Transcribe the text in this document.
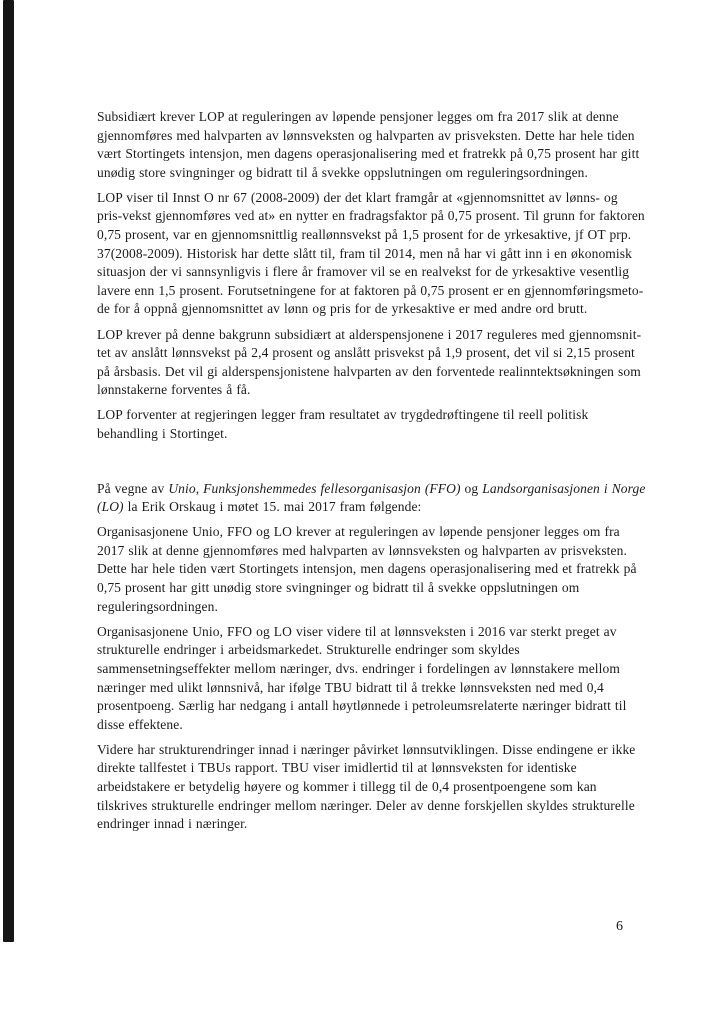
Subsidiært krever LOP at reguleringen av løpende pensjoner legges om fra 2017 slik at denne gjennomføres med halvparten av lønnsveksten og halvparten av prisveksten. Dette har hele tiden vært Stortingets intensjon, men dagens operasjonalisering med et fratrekk på 0,75 prosent har gitt unødig store svingninger og bidratt til å svekke oppslutningen om reguleringsordningen.

LOP viser til Innst O nr 67 (2008-2009) der det klart framgår at «gjennomsnittet av lønns- og pris-vekst gjennomføres ved at» en nytter en fradragsfaktor på 0,75 prosent. Til grunn for faktoren 0,75 prosent, var en gjennomsnittlig reallønnsvekst på 1,5 prosent for de yrkesaktive, jf OT prp. 37(2008-2009). Historisk har dette slått til, fram til 2014, men nå har vi gått inn i en økonomisk situasjon der vi sannsynligvis i flere år framover vil se en realvekst for de yrkesaktive vesentlig lavere enn 1,5 prosent. Forutsetningene for at faktoren på 0,75 prosent er en gjennomføringsmeto-de for å oppnå gjennomsnittet av lønn og pris for de yrkesaktive er med andre ord brutt.

LOP krever på denne bakgrunn subsidiært at alderspensjonene i 2017 reguleres med gjennomsnit-tet av anslått lønnsvekst på 2,4 prosent og anslått prisvekst på 1,9 prosent, det vil si 2,15 prosent på årsbasis. Det vil gi alderspensjonistene halvparten av den forventede realinntektsøkningen som lønnstakerne forventes å få.

LOP forventer at regjeringen legger fram resultatet av trygdedrøftingene til reell politisk behandling i Stortinget.

På vegne av Unio, Funksjonshemmedes fellesorganisasjon (FFO) og Landsorganisasjonen i Norge (LO) la Erik Orskaug i møtet 15. mai 2017 fram følgende:

Organisasjonene Unio, FFO og LO krever at reguleringen av løpende pensjoner legges om fra 2017 slik at denne gjennomføres med halvparten av lønnsveksten og halvparten av prisveksten. Dette har hele tiden vært Stortingets intensjon, men dagens operasjonalisering med et fratrekk på 0,75 prosent har gitt unødig store svingninger og bidratt til å svekke oppslutningen om reguleringsordningen.

Organisasjonene Unio, FFO og LO viser videre til at lønnsveksten i 2016 var sterkt preget av strukturelle endringer i arbeidsmarkedet. Strukturelle endringer som skyldes sammensetningseffekter mellom næringer, dvs. endringer i fordelingen av lønnstakere mellom næringer med ulikt lønnsnivå, har ifølge TBU bidratt til å trekke lønnsveksten ned med 0,4 prosentpoeng. Særlig har nedgang i antall høytlønnede i petroleumsrelaterte næringer bidratt til disse effektene.

Videre har strukturendringer innad i næringer påvirket lønnsutviklingen. Disse endingene er ikke direkte tallfestet i TBUs rapport. TBU viser imidlertid til at lønnsveksten for identiske arbeidstakere er betydelig høyere og kommer i tillegg til de 0,4 prosentpoengene som kan tilskrives strukturelle endringer mellom næringer. Deler av denne forskjellen skyldes strukturelle endringer innad i næringer.

6
